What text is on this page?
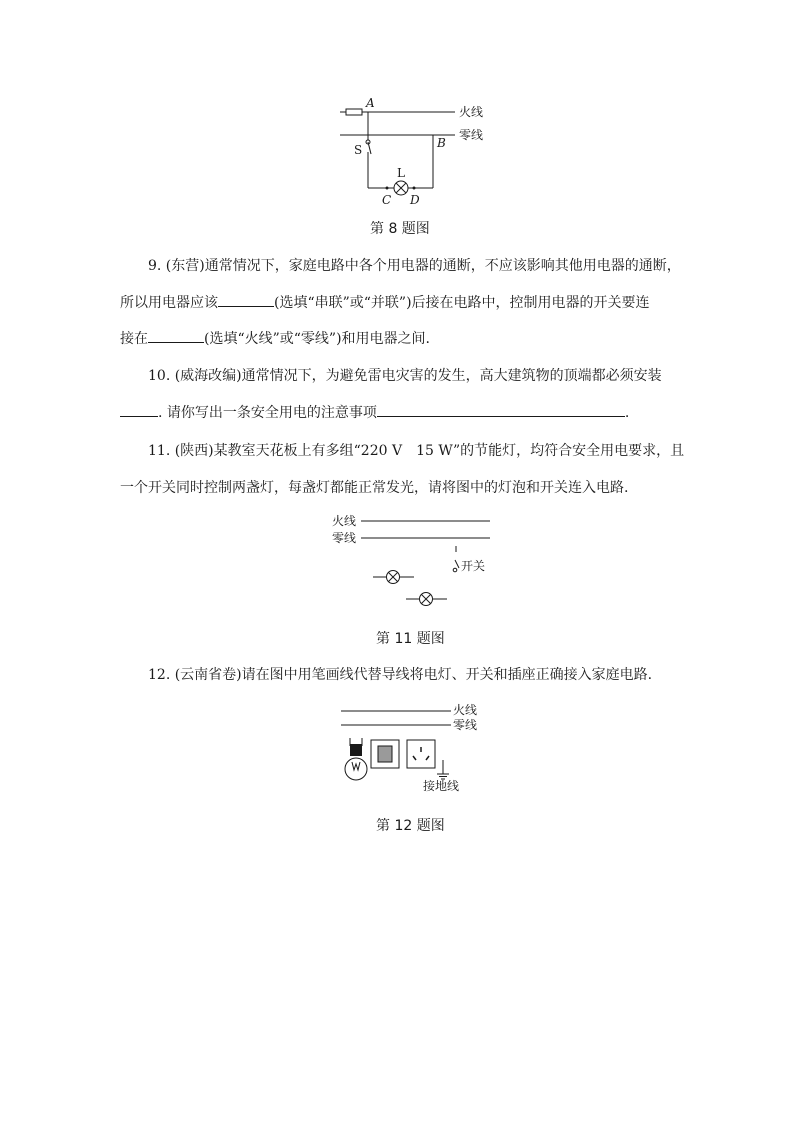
A
B
S
L
C D
火线
零线
第 8 题图
9. (东营)通常情况下，家庭电路中各个用电器的通断，不应该影响其他用电器的通断，
所以用电器应该	(选填“串联”或“并联”)后接在电路中，控制用电器的开关要连
接在	(选填“火线”或“零线”)和用电器之间.
10. (威海改编)通常情况下，为避免雷电灾害的发生，高大建筑物的顶端都必须安装
. 请你写出一条安全用电的注意事项	.
11. (陕西)某教室天花板上有多组“220 V　15 W”的节能灯，均符合安全用电要求，且
一个开关同时控制两盏灯，每盏灯都能正常发光，请将图中的灯泡和开关连入电路.
火线
零线
开关
第 11 题图
12. (云南省卷)请在图中用笔画线代替导线将电灯、开关和插座正确接入家庭电路.
火线
零线
接地线
第 12 题图
